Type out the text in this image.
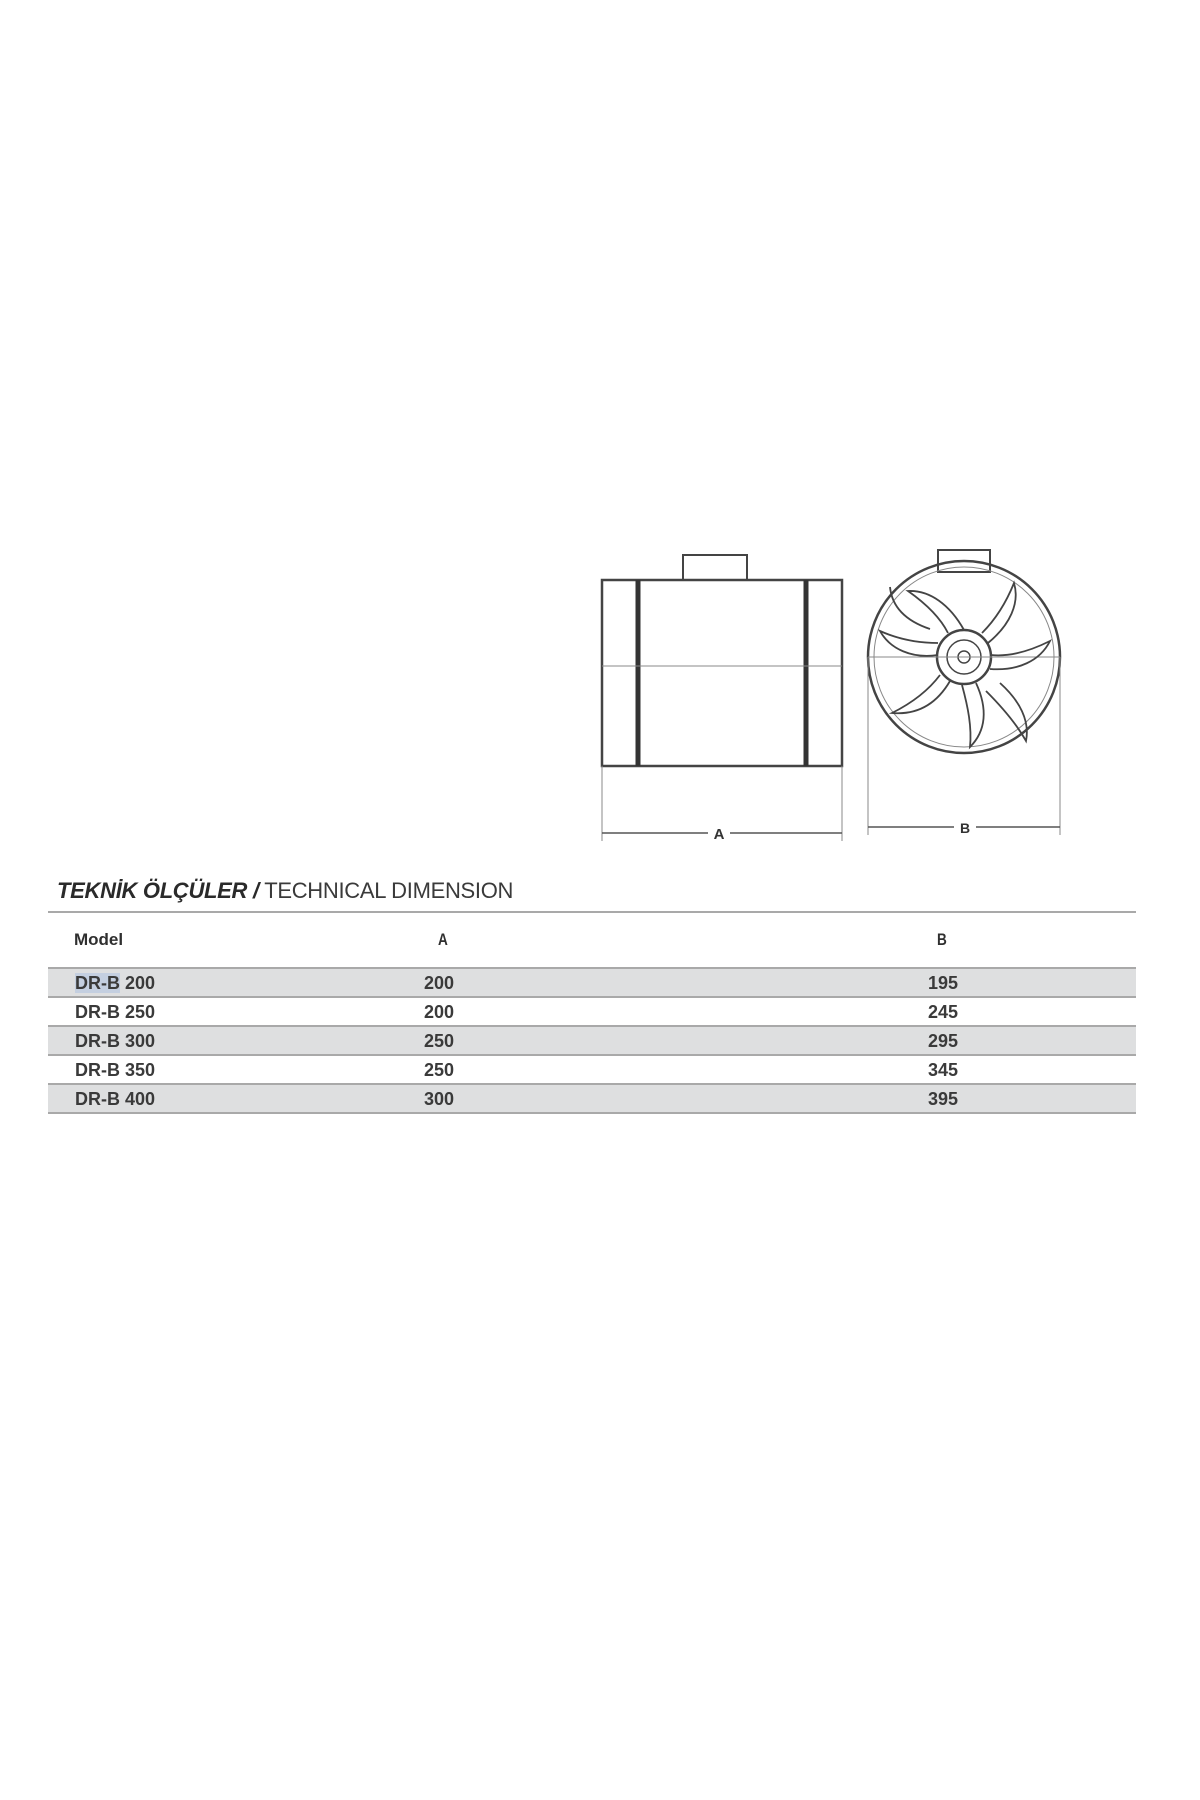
A	B
TEKNİK ÖLÇÜLER / TECHNICAL DIMENSION
Model	A	B
DR-B 200	200	195
DR-B 250	200	245
DR-B 300	250	295
DR-B 350	250	345
DR-B 400	300	395
